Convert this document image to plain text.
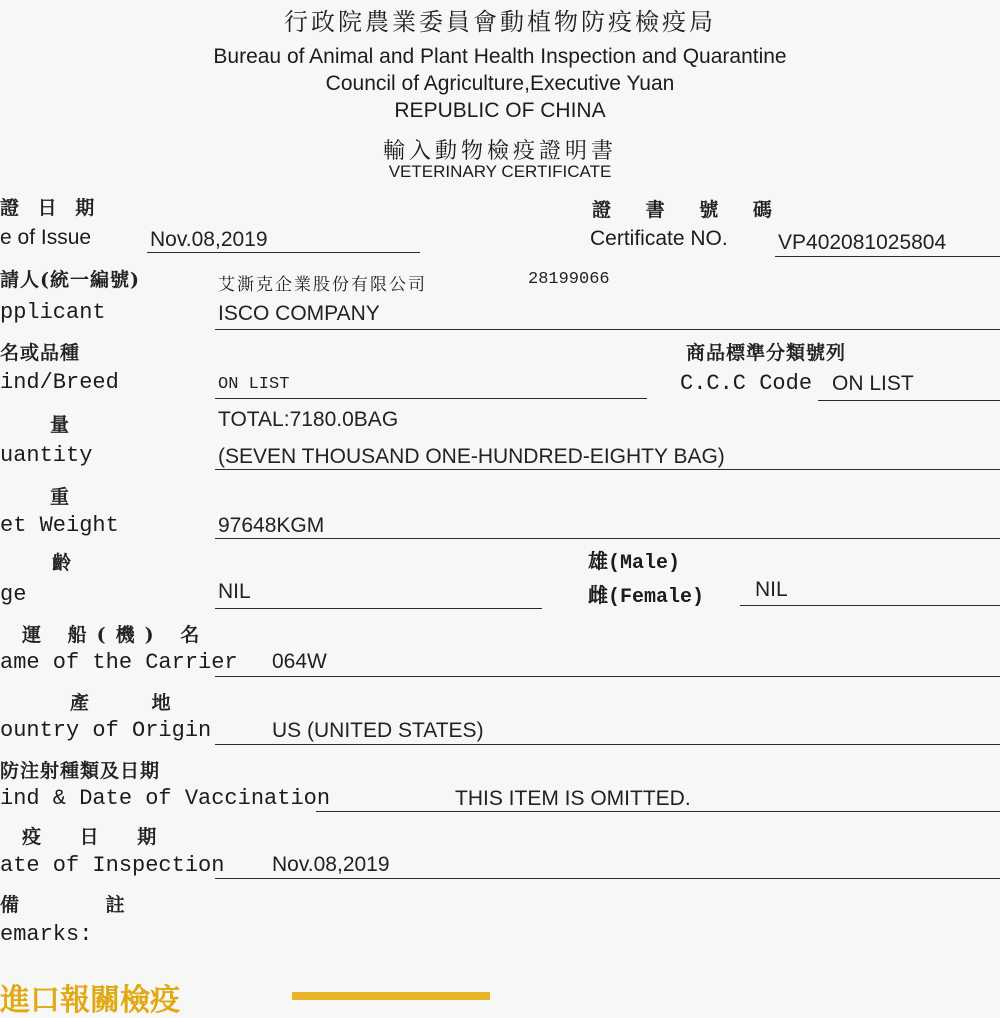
行政院農業委員會動植物防疫檢疫局
Bureau of Animal and Plant Health Inspection and Quarantine
Council of Agriculture,Executive Yuan
REPUBLIC OF CHINA
輸入動物檢疫證明書
VETERINARY CERTIFICATE
證 日 期
e of Issue	Nov.08,2019
證 書 號 碼
Certificate NO. VP402081025804
請人(統一編號)
pplicant
艾澌克企業股份有限公司	28199066
ISCO COMPANY
名或品種
ind/Breed	ON LIST
商品標準分類號列
C.C.C Code ON LIST
量
uantity
TOTAL:7180.0BAG
(SEVEN THOUSAND ONE-HUNDRED-EIGHTY BAG)
重
et Weight	97648KGM
齡
ge	NIL
雄(Male)
雌(Female) NIL
運 船(機) 名
ame of the Carrier 064W
產 地
ountry of Origin	US (UNITED STATES)
防注射種類及日期
ind & Date of Vaccination	THIS ITEM IS OMITTED.
疫 日 期
ate of Inspection Nov.08,2019
備 註
emarks:
進口報關檢疫
